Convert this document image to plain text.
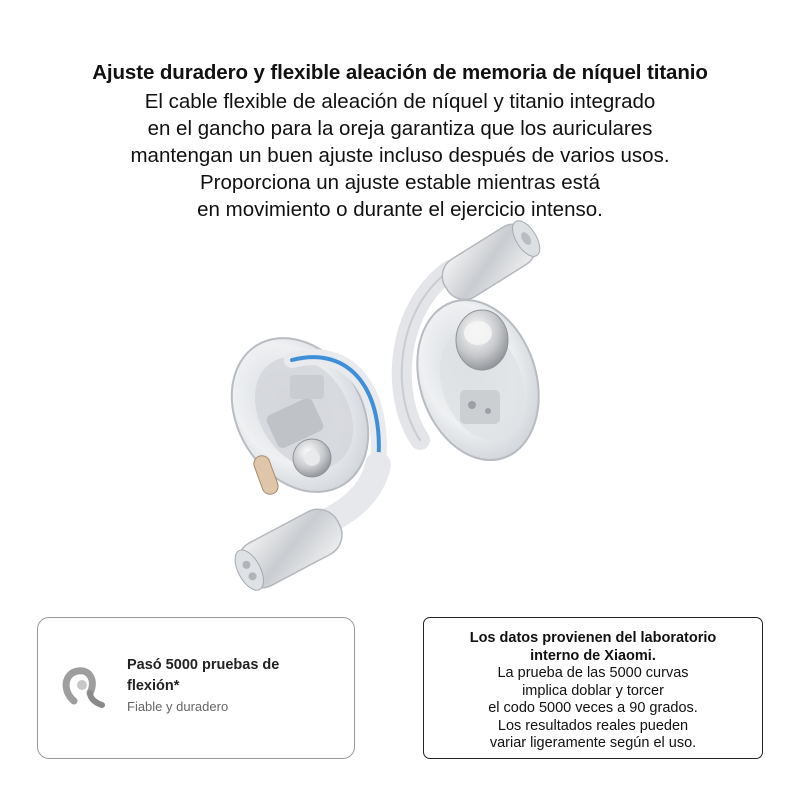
Ajuste duradero y flexible aleación de memoria de níquel titanio
El cable flexible de aleación de níquel y titanio integrado
en el gancho para la oreja garantiza que los auriculares
mantengan un buen ajuste incluso después de varios usos.
Proporciona un ajuste estable mientras está
en movimiento o durante el ejercicio intenso.
Pasó 5000 pruebas de
flexión*
Fiable y duradero
Los datos provienen del laboratorio
interno de Xiaomi.
La prueba de las 5000 curvas
implica doblar y torcer
el codo 5000 veces a 90 grados.
Los resultados reales pueden
variar ligeramente según el uso.
